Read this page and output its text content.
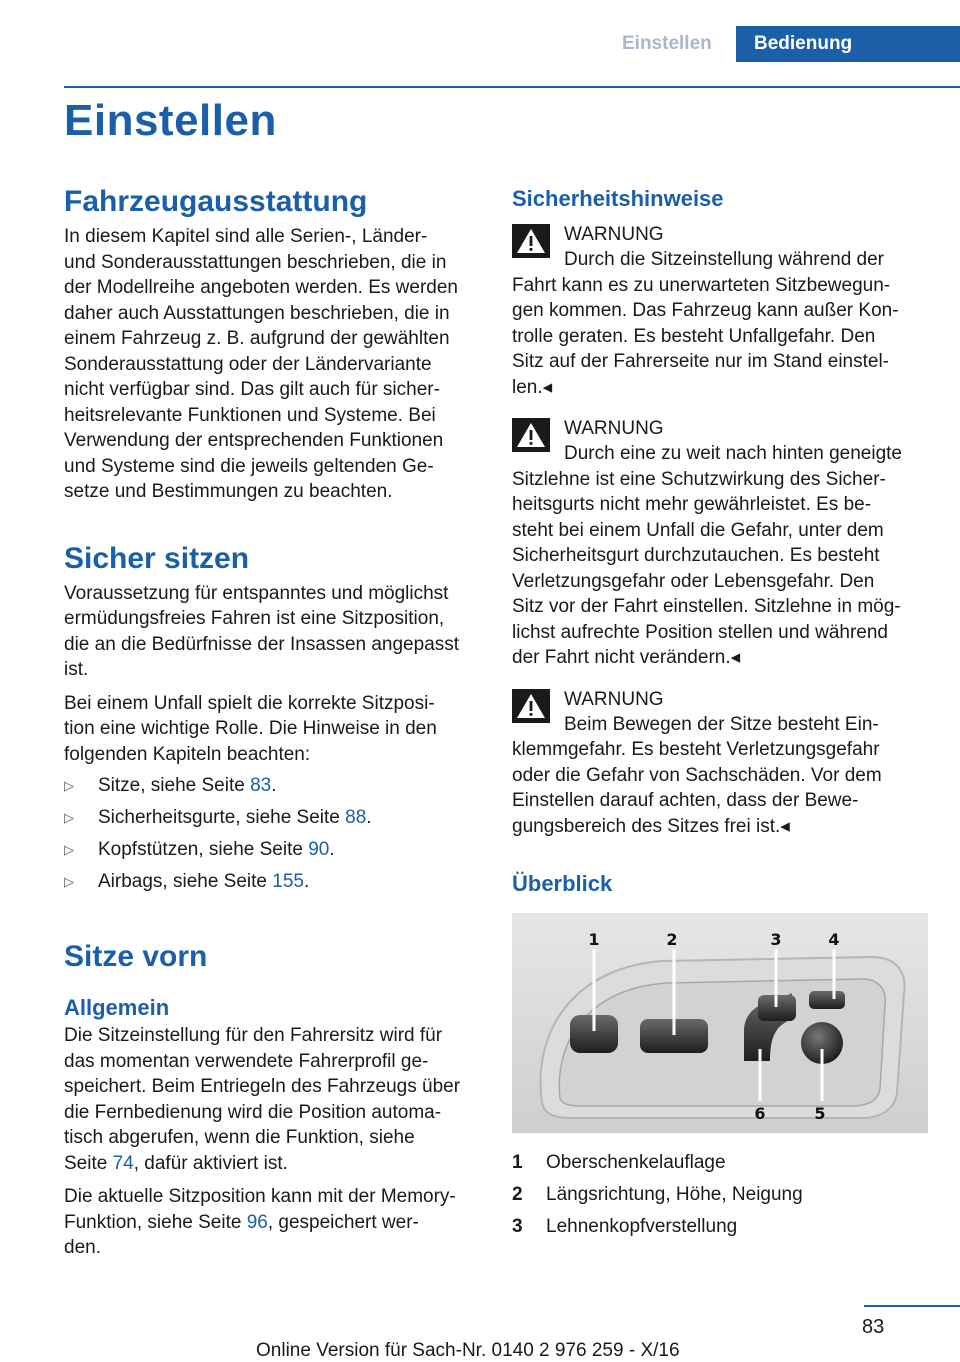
Einstellen	Bedienung
Einstellen
Fahrzeugausstattung

In diesem Kapitel sind alle Serien-, Länder-
und Sonderausstattungen beschrieben, die in
der Modellreihe angeboten werden. Es werden
daher auch Ausstattungen beschrieben, die in
einem Fahrzeug z. B. aufgrund der gewählten
Sonderausstattung oder der Ländervariante
nicht verfügbar sind. Das gilt auch für sicher-
heitsrelevante Funktionen und Systeme. Bei
Verwendung der entsprechenden Funktionen
und Systeme sind die jeweils geltenden Ge-
setze und Bestimmungen zu beachten.

Sicher sitzen

Voraussetzung für entspanntes und möglichst
ermüdungsfreies Fahren ist eine Sitzposition,
die an die Bedürfnisse der Insassen angepasst
ist.

Bei einem Unfall spielt die korrekte Sitzposi-
tion eine wichtige Rolle. Die Hinweise in den
folgenden Kapiteln beachten:

▷	Sitze, siehe Seite 83.
▷	Sicherheitsgurte, siehe Seite 88.
▷	Kopfstützen, siehe Seite 90.
▷	Airbags, siehe Seite 155.
Sitze vorn
Allgemein

Die Sitzeinstellung für den Fahrersitz wird für
das momentan verwendete Fahrerprofil ge-
speichert. Beim Entriegeln des Fahrzeugs über
die Fernbedienung wird die Position automa-
tisch abgerufen, wenn die Funktion, siehe
Seite 74, dafür aktiviert ist.

Die aktuelle Sitzposition kann mit der Memory-
Funktion, siehe Seite 96, gespeichert wer-
den.

Sicherheitshinweise
WARNUNG
Durch die Sitzeinstellung während der
Fahrt kann es zu unerwarteten Sitzbewegun-
gen kommen. Das Fahrzeug kann außer Kon-
trolle geraten. Es besteht Unfallgefahr. Den
Sitz auf der Fahrerseite nur im Stand einstel-
len.◂
WARNUNG
Durch eine zu weit nach hinten geneigte
Sitzlehne ist eine Schutzwirkung des Sicher-
heitsgurts nicht mehr gewährleistet. Es be-
steht bei einem Unfall die Gefahr, unter dem
Sicherheitsgurt durchzutauchen. Es besteht
Verletzungsgefahr oder Lebensgefahr. Den
Sitz vor der Fahrt einstellen. Sitzlehne in mög-
lichst aufrechte Position stellen und während
der Fahrt nicht verändern.◂
WARNUNG
Beim Bewegen der Sitze besteht Ein-
klemmgefahr. Es besteht Verletzungsgefahr
oder die Gefahr von Sachschäden. Vor dem
Einstellen darauf achten, dass der Bewe-
gungsbereich des Sitzes frei ist.◂
Überblick
1	2	3	4
5
6
1	Oberschenkelauflage
2	Längsrichtung, Höhe, Neigung
3	Lehnenkopfverstellung
83
Online Version für Sach-Nr. 0140 2 976 259 - X/16
